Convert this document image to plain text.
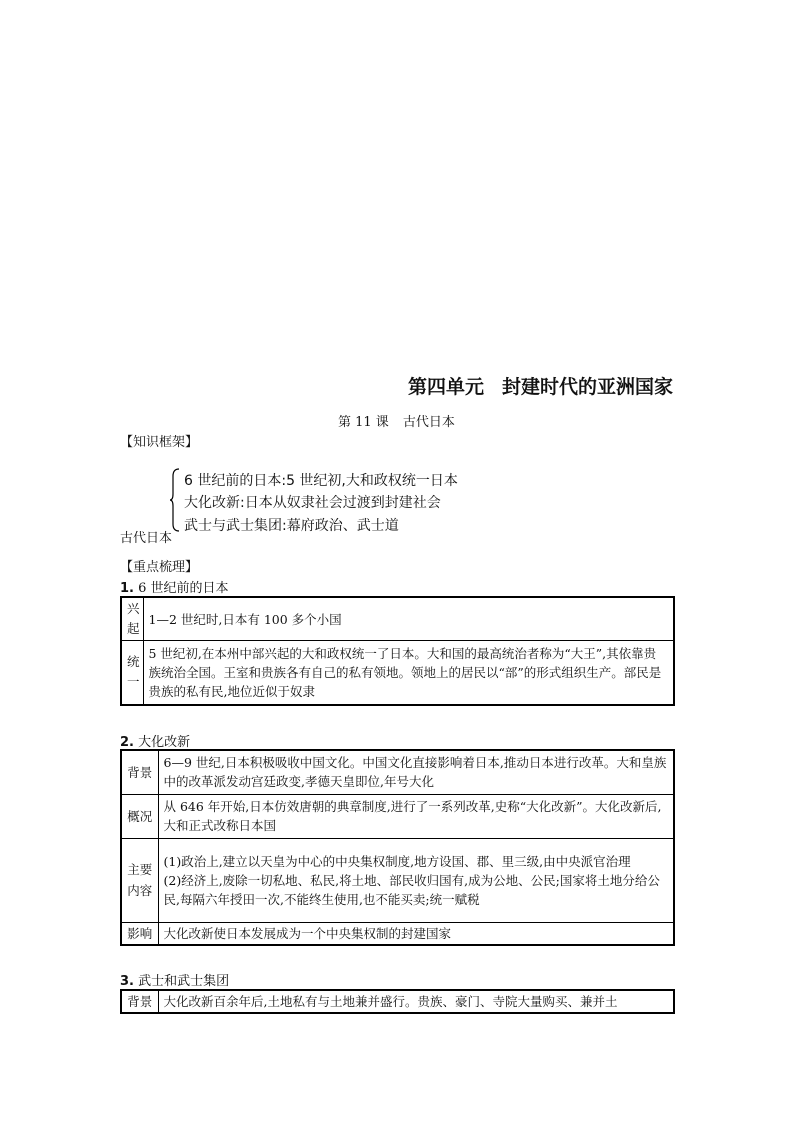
第四单元 封建时代的亚洲国家
第 11 课 古代日本
【知识框架】
6 世纪前的日本:5 世纪初,大和政权统一日本
大化改新:日本从奴隶社会过渡到封建社会
武士与武士集团:幕府政治、武士道
古代日本
【重点梳理】
1. 6 世纪前的日本
兴起	1—2 世纪时,日本有 100 多个小国
统一	5 世纪初,在本州中部兴起的大和政权统一了日本。大和国的最高统治者称为“大王”,其依靠贵族统治全国。王室和贵族各有自己的私有领地。领地上的居民以“部”的形式组织生产。部民是贵族的私有民,地位近似于奴隶
2. 大化改新
背景	6—9 世纪,日本积极吸收中国文化。中国文化直接影响着日本,推动日本进行改革。大和皇族中的改革派发动宫廷政变,孝德天皇即位,年号大化
概况	从 646 年开始,日本仿效唐朝的典章制度,进行了一系列改革,史称“大化改新”。大化改新后,大和正式改称日本国
主要内容	(1)政治上,建立以天皇为中心的中央集权制度,地方设国、郡、里三级,由中央派官治理
(2)经济上,废除一切私地、私民,将土地、部民收归国有,成为公地、公民;国家将土地分给公民,每隔六年授田一次,不能终生使用,也不能买卖;统一赋税

影响	大化改新使日本发展成为一个中央集权制的封建国家
3. 武士和武士集团
背景	大化改新百余年后,土地私有与土地兼并盛行。贵族、豪门、寺院大量购买、兼并土
